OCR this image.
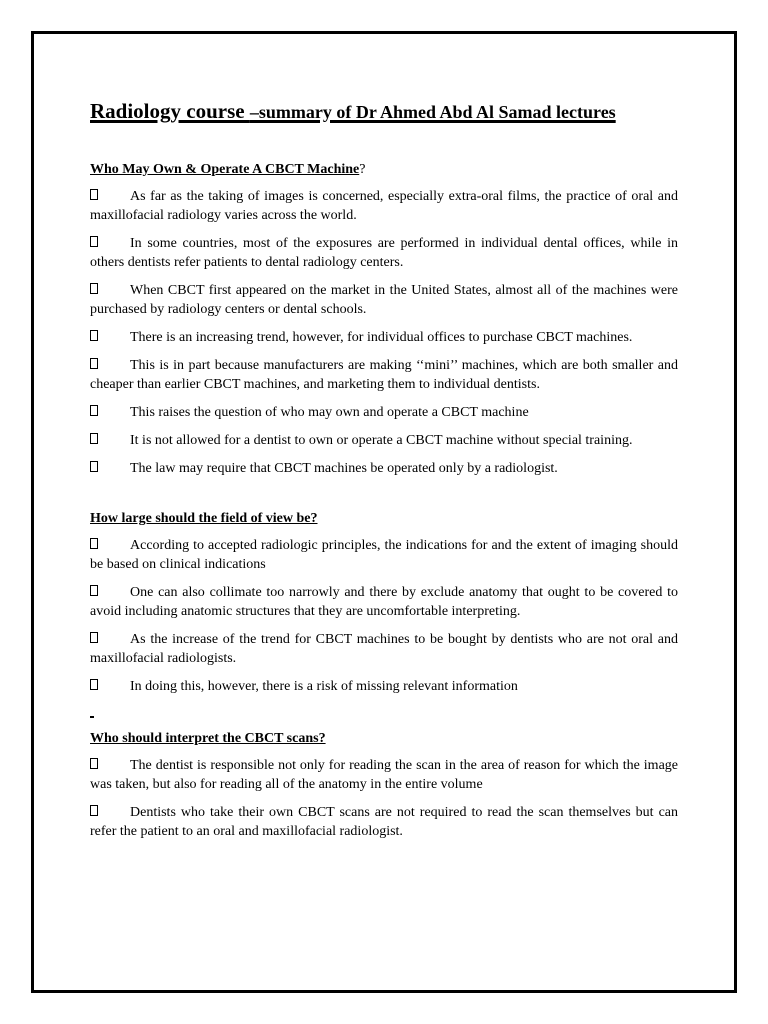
Radiology course –summary of Dr Ahmed Abd Al Samad lectures
Who May Own & Operate A CBCT Machine?

As far as the taking of images is concerned, especially extra-oral films, the practice of oral and maxillofacial radiology varies across the world.

In some countries, most of the exposures are performed in individual dental offices, while in others dentists refer patients to dental radiology centers.

When CBCT first appeared on the market in the United States, almost all of the machines were purchased by radiology centers or dental schools.

There is an increasing trend, however, for individual offices to purchase CBCT machines.

This is in part because manufacturers are making ‘‘mini’’ machines, which are both smaller and cheaper than earlier CBCT machines, and marketing them to individual dentists.

This raises the question of who may own and operate a CBCT machine

It is not allowed for a dentist to own or operate a CBCT machine without special training.

The law may require that CBCT machines be operated only by a radiologist.

How large should the field of view be?

According to accepted radiologic principles, the indications for and the extent of imaging should be based on clinical indications

One can also collimate too narrowly and there by exclude anatomy that ought to be covered to avoid including anatomic structures that they are uncomfortable interpreting.

As the increase of the trend for CBCT machines to be bought by dentists who are not oral and maxillofacial radiologists.

In doing this, however, there is a risk of missing relevant information

Who should interpret the CBCT scans?

The dentist is responsible not only for reading the scan in the area of reason for which the image was taken, but also for reading all of the anatomy in the entire volume

Dentists who take their own CBCT scans are not required to read the scan themselves but can refer the patient to an oral and maxillofacial radiologist.
